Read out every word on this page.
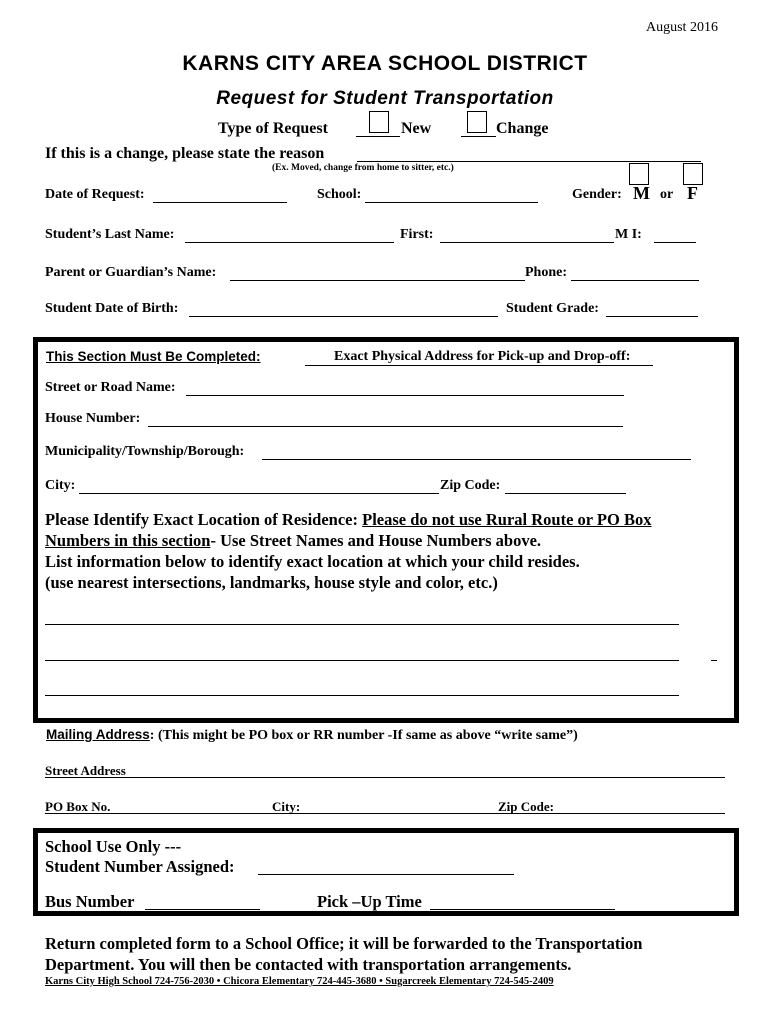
August 2016
KARNS CITY AREA SCHOOL DISTRICT
Request for Student Transportation
Type of Request	New	Change
If this is a change, please state the reason
(Ex. Moved, change from home to sitter, etc.)
Date of Request:	School:	Gender: M or F
Student’s Last Name:	First:	M I:
Parent or Guardian’s Name:	Phone:
Student Date of Birth:	Student Grade:
This Section Must Be Completed:	Exact Physical Address for Pick-up and Drop-off:
Street or Road Name:
House Number:
Municipality/Township/Borough:
City:	Zip Code:
Please Identify Exact Location of Residence: Please do not use Rural Route or PO Box
Numbers in this section- Use Street Names and House Numbers above.
List information below to identify exact location at which your child resides.
(use nearest intersections, landmarks, house style and color, etc.)
Mailing Address: (This might be PO box or RR number -If same as above “write same”)
Street Address
PO Box No.	City:	Zip Code:
School Use Only ---
Student Number Assigned:
Bus Number	Pick –Up Time
Return completed form to a School Office; it will be forwarded to the Transportation
Department. You will then be contacted with transportation arrangements.
Karns City High School 724-756-2030 • Chicora Elementary 724-445-3680 • Sugarcreek Elementary 724-545-2409
